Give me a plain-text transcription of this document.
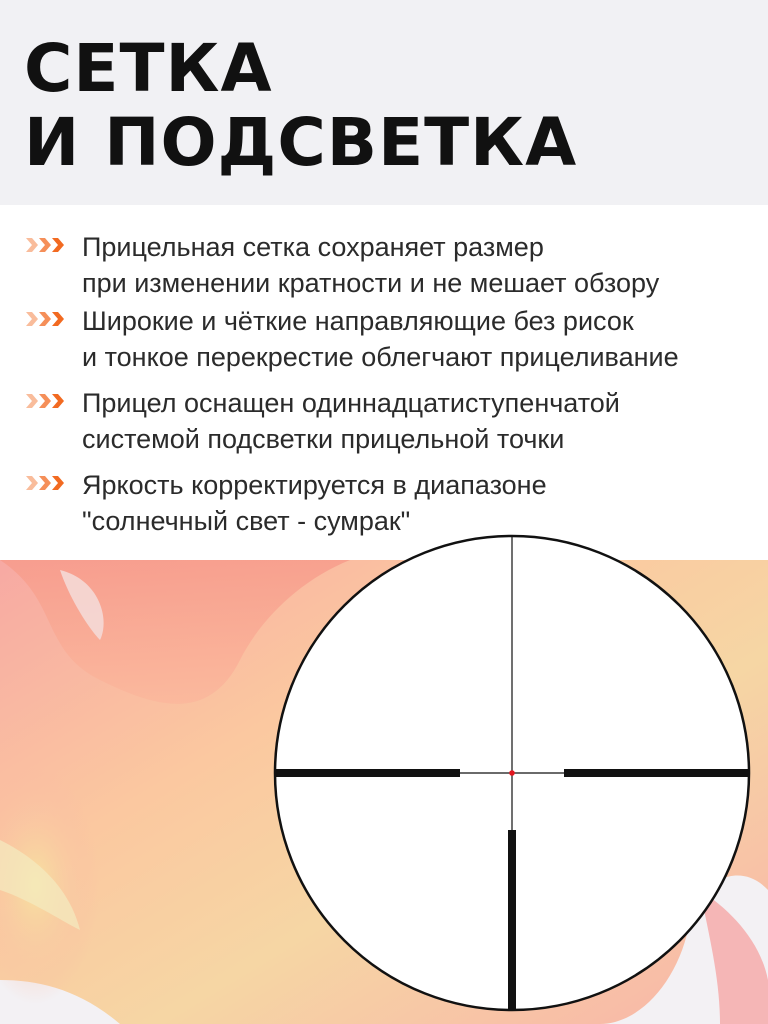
СЕТКА
И ПОДСВЕТКА
Прицельная сетка сохраняет размер
при изменении кратности и не мешает обзору
Широкие и чёткие направляющие без рисок
и тонкое перекрестие облегчают прицеливание
Прицел оснащен одиннадцатиступенчатой
системой подсветки прицельной точки
Яркость корректируется в диапазоне
"солнечный свет - сумрак"
